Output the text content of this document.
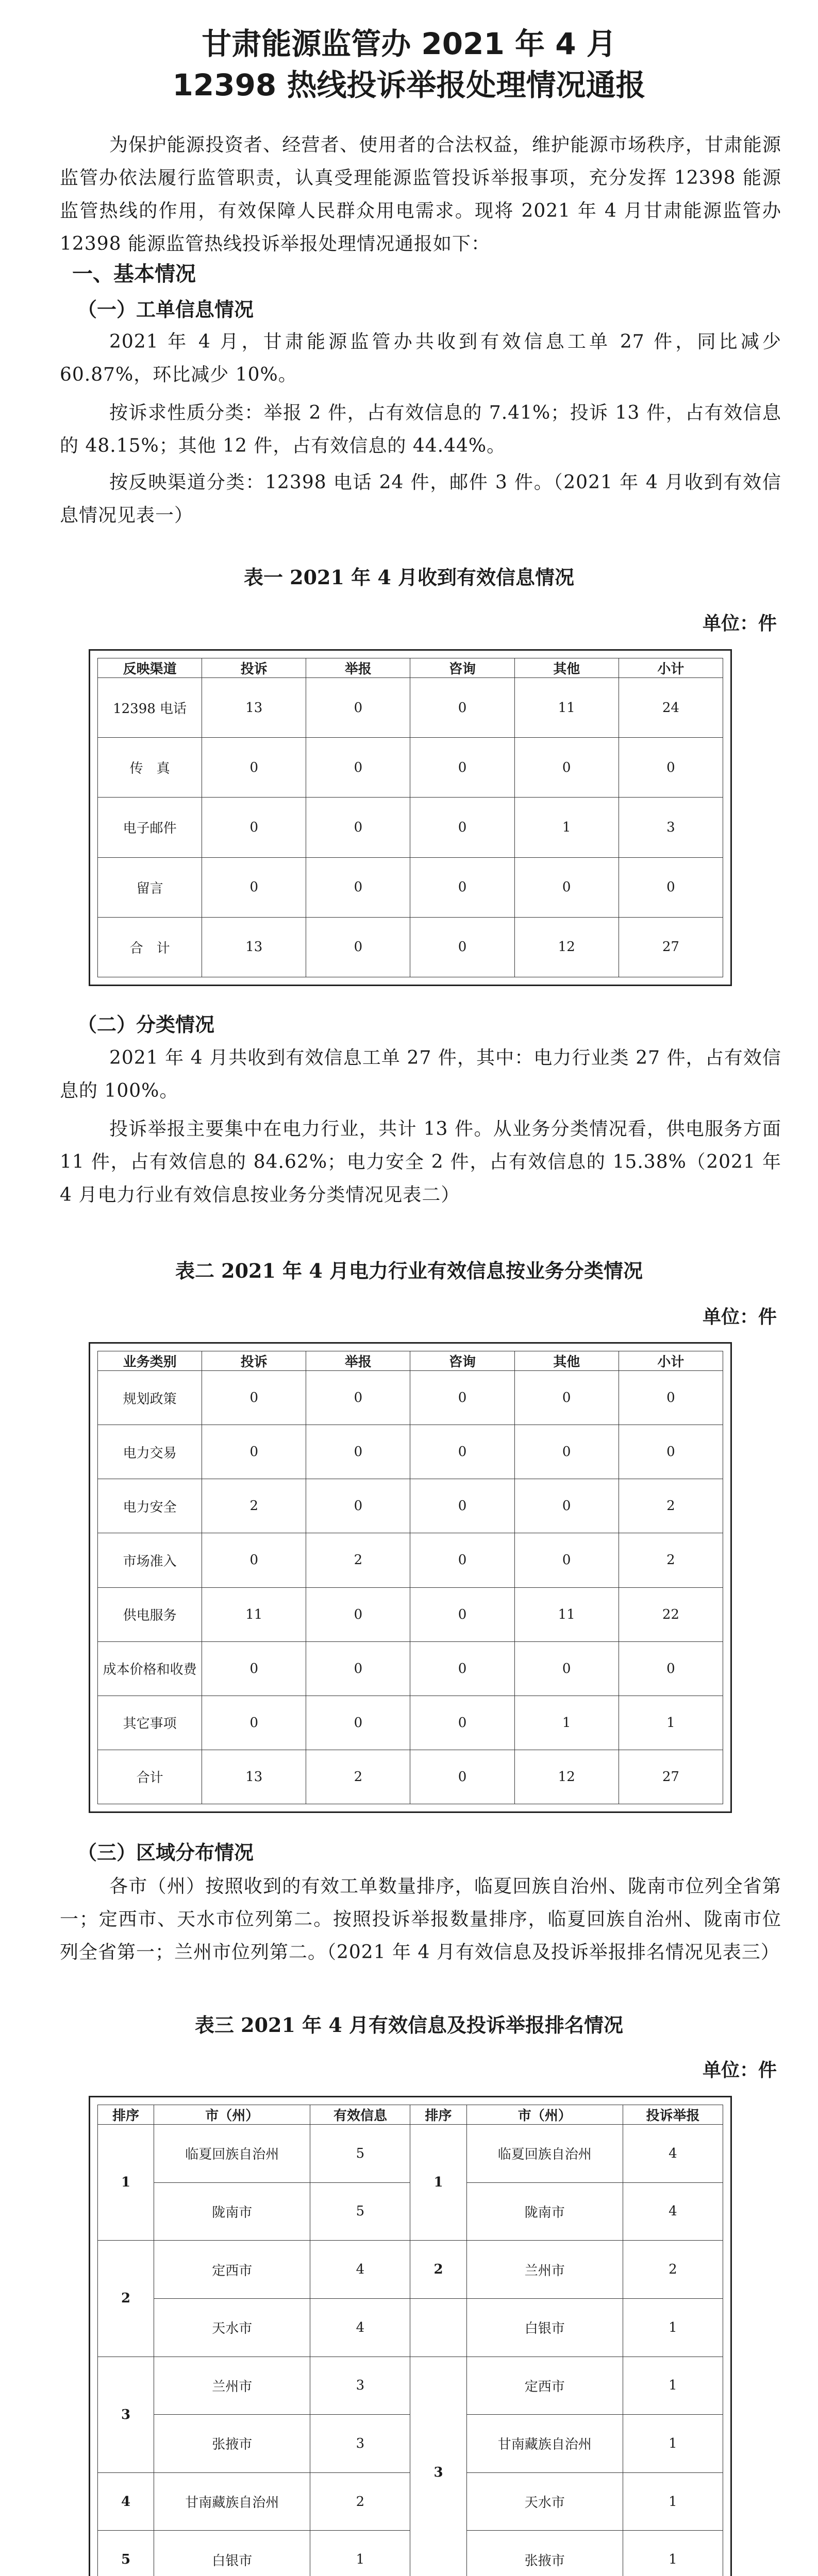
甘肃能源监管办 2021 年 4 月
12398 热线投诉举报处理情况通报
为保护能源投资者、经营者、使用者的合法权益，维护能源市场秩序，甘肃能源监管办依法履行监管职责，认真受理能源监管投诉举报事项，充分发挥 12398 能源监管热线的作用，有效保障人民群众用电需求。现将 2021 年 4 月甘肃能源监管办 12398 能源监管热线投诉举报处理情况通报如下：
一、基本情况
（一）工单信息情况
2021 年 4 月，甘肃能源监管办共收到有效信息工单 27 件，同比减少 60.87%，环比减少 10%。
按诉求性质分类：举报 2 件，占有效信息的 7.41%；投诉 13 件，占有效信息的 48.15%；其他 12 件，占有效信息的 44.44%。
按反映渠道分类：12398 电话 24 件，邮件 3 件。（2021 年 4 月收到有效信息情况见表一）
表一 2021 年 4 月收到有效信息情况
单位：件
反映渠道	投诉	举报	咨询	其他	小计
12398 电话	13	0	0	11	24
传　真	0	0	0	0	0
电子邮件	0	0	0	1	3
留言	0	0	0	0	0
合　计	13	0	0	12	27
（二）分类情况
2021 年 4 月共收到有效信息工单 27 件，其中：电力行业类 27 件，占有效信息的 100%。
投诉举报主要集中在电力行业，共计 13 件。从业务分类情况看，供电服务方面 11 件，占有效信息的 84.62%；电力安全 2 件，占有效信息的 15.38%（2021 年 4 月电力行业有效信息按业务分类情况见表二）
表二 2021 年 4 月电力行业有效信息按业务分类情况
单位：件
业务类别	投诉	举报	咨询	其他	小计
规划政策	0	0	0	0	0
电力交易	0	0	0	0	0
电力安全	2	0	0	0	2
市场准入	0	2	0	0	2
供电服务	11	0	0	11	22
成本价格和收费	0	0	0	0	0
其它事项	0	0	0	1	1
合计	13	2	0	12	27
（三）区域分布情况
各市（州）按照收到的有效工单数量排序，临夏回族自治州、陇南市位列全省第一；定西市、天水市位列第二。按照投诉举报数量排序，临夏回族自治州、陇南市位列全省第一；兰州市位列第二。（2021 年 4 月有效信息及投诉举报排名情况见表三）
表三 2021 年 4 月有效信息及投诉举报排名情况
单位：件
排序	市（州）	有效信息	排序	市（州）	投诉举报
1	临夏回族自治州	5	1	临夏回族自治州	4
	陇南市	5		陇南市	4
2	定西市	4	2	兰州市	2
	天水市	4		白银市	1
3	兰州市	3	3	定西市	1
	张掖市	3		甘南藏族自治州	1
4	甘南藏族自治州	2		天水市	1
5	白银市	1		张掖市	1
